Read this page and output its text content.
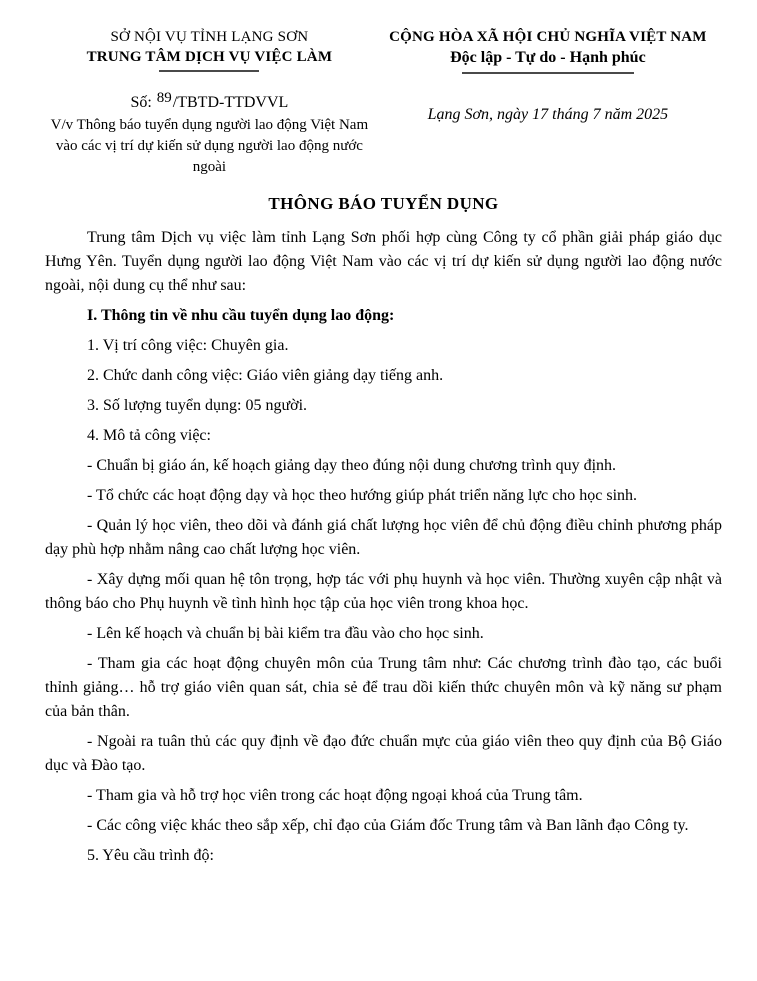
SỞ NỘI VỤ TỈNH LẠNG SƠN
TRUNG TÂM DỊCH VỤ VIỆC LÀM
Số: $^{89}$/TBTD-TTDVVL
V/v Thông báo tuyển dụng người lao động Việt Nam vào các vị trí dự kiến sử dụng người lao động nước ngoài
CỘNG HÒA XÃ HỘI CHỦ NGHĨA VIỆT NAM
Độc lập - Tự do - Hạnh phúc
Lạng Sơn, ngày 17 tháng 7 năm 2025
THÔNG BÁO TUYỂN DỤNG

Trung tâm Dịch vụ việc làm tỉnh Lạng Sơn phối hợp cùng Công ty cổ phần giải pháp giáo dục Hưng Yên. Tuyển dụng người lao động Việt Nam vào các vị trí dự kiến sử dụng người lao động nước ngoài, nội dung cụ thể như sau:

I. Thông tin về nhu cầu tuyển dụng lao động:

1. Vị trí công việc: Chuyên gia.

2. Chức danh công việc: Giáo viên giảng dạy tiếng anh.

3. Số lượng tuyển dụng: 05 người.

4. Mô tả công việc:

- Chuẩn bị giáo án, kế hoạch giảng dạy theo đúng nội dung chương trình quy định.

- Tổ chức các hoạt động dạy và học theo hướng giúp phát triển năng lực cho học sinh.

- Quản lý học viên, theo dõi và đánh giá chất lượng học viên để chủ động điều chỉnh phương pháp dạy phù hợp nhằm nâng cao chất lượng học viên.

- Xây dựng mối quan hệ tôn trọng, hợp tác với phụ huynh và học viên. Thường xuyên cập nhật và thông báo cho Phụ huynh về tình hình học tập của học viên trong khoa học.

- Lên kế hoạch và chuẩn bị bài kiểm tra đầu vào cho học sinh.

- Tham gia các hoạt động chuyên môn của Trung tâm như: Các chương trình đào tạo, các buổi thỉnh giảng… hỗ trợ giáo viên quan sát, chia sẻ để trau dồi kiến thức chuyên môn và kỹ năng sư phạm của bản thân.

- Ngoài ra tuân thủ các quy định về đạo đức chuẩn mực của giáo viên theo quy định của Bộ Giáo dục và Đào tạo.

- Tham gia và hỗ trợ học viên trong các hoạt động ngoại khoá của Trung tâm.

- Các công việc khác theo sắp xếp, chỉ đạo của Giám đốc Trung tâm và Ban lãnh đạo Công ty.

5. Yêu cầu trình độ:
